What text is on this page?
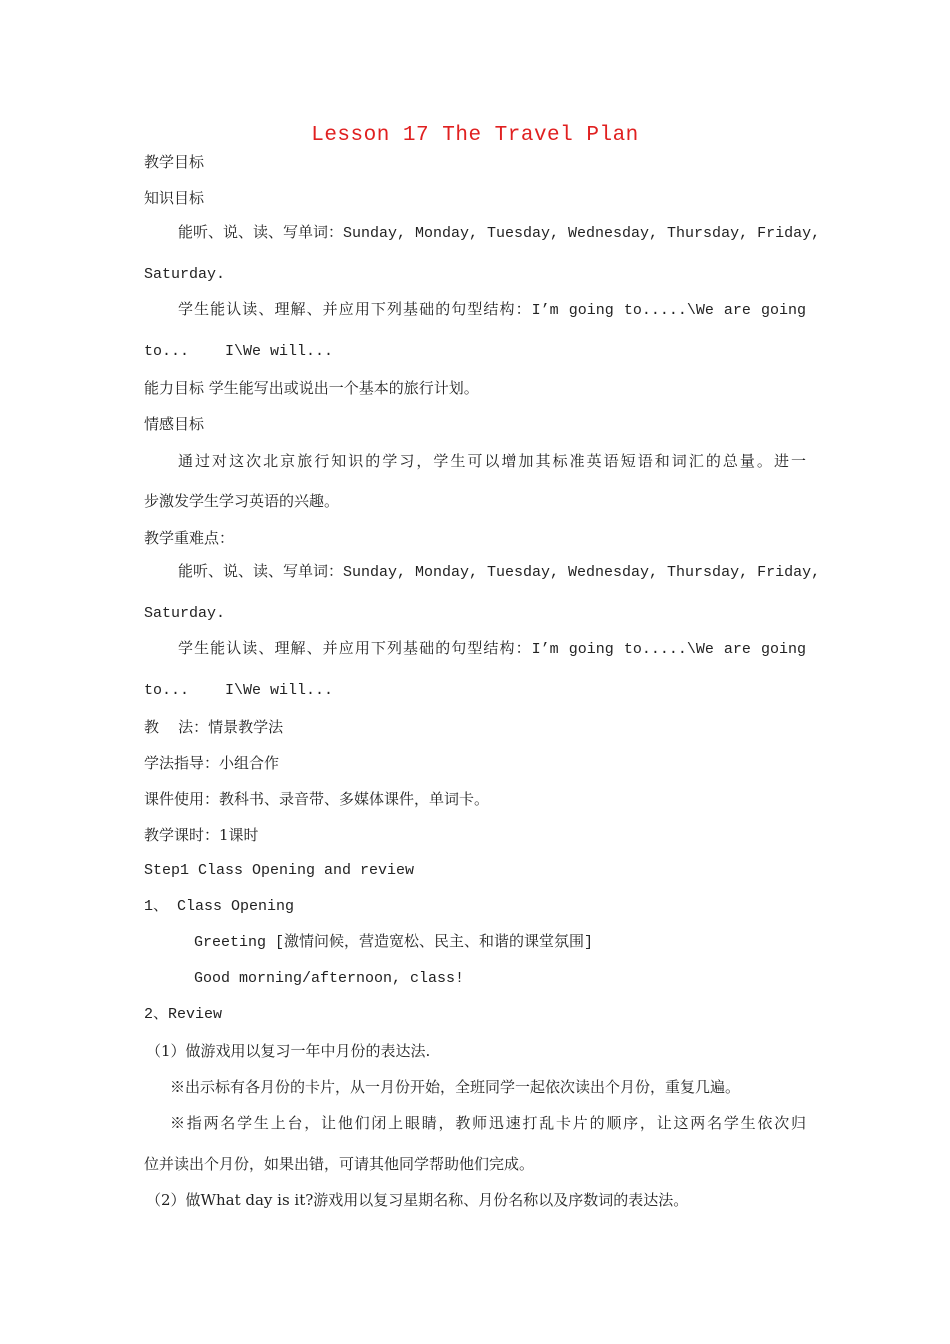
Lesson 17 The Travel Plan
教学目标
知识目标
能听、说、读、写单词：Sunday, Monday, Tuesday, Wednesday, Thursday, Friday,
Saturday.
学生能认读、理解、并应用下列基础的句型结构：I’m going to.....\We are going
to...    I\We will...
能力目标 学生能写出或说出一个基本的旅行计划。
情感目标
通过对这次北京旅行知识的学习，学生可以增加其标准英语短语和词汇的总量。进一
步激发学生学习英语的兴趣。
教学重难点：
能听、说、读、写单词：Sunday, Monday, Tuesday, Wednesday, Thursday, Friday,
Saturday.
学生能认读、理解、并应用下列基础的句型结构：I’m going to.....\We are going
to...    I\We will...
教    法：情景教学法
学法指导：小组合作
课件使用：教科书、录音带、多媒体课件，单词卡。
教学课时：1课时
Step1 Class Opening and review
1、 Class Opening
Greeting [激情问候，营造宽松、民主、和谐的课堂氛围]
Good morning/afternoon, class!
2、Review
（1）做游戏用以复习一年中月份的表达法.
※出示标有各月份的卡片，从一月份开始，全班同学一起依次读出个月份，重复几遍。
※指两名学生上台，让他们闭上眼睛，教师迅速打乱卡片的顺序，让这两名学生依次归
位并读出个月份，如果出错，可请其他同学帮助他们完成。
（2）做What day is it?游戏用以复习星期名称、月份名称以及序数词的表达法。
